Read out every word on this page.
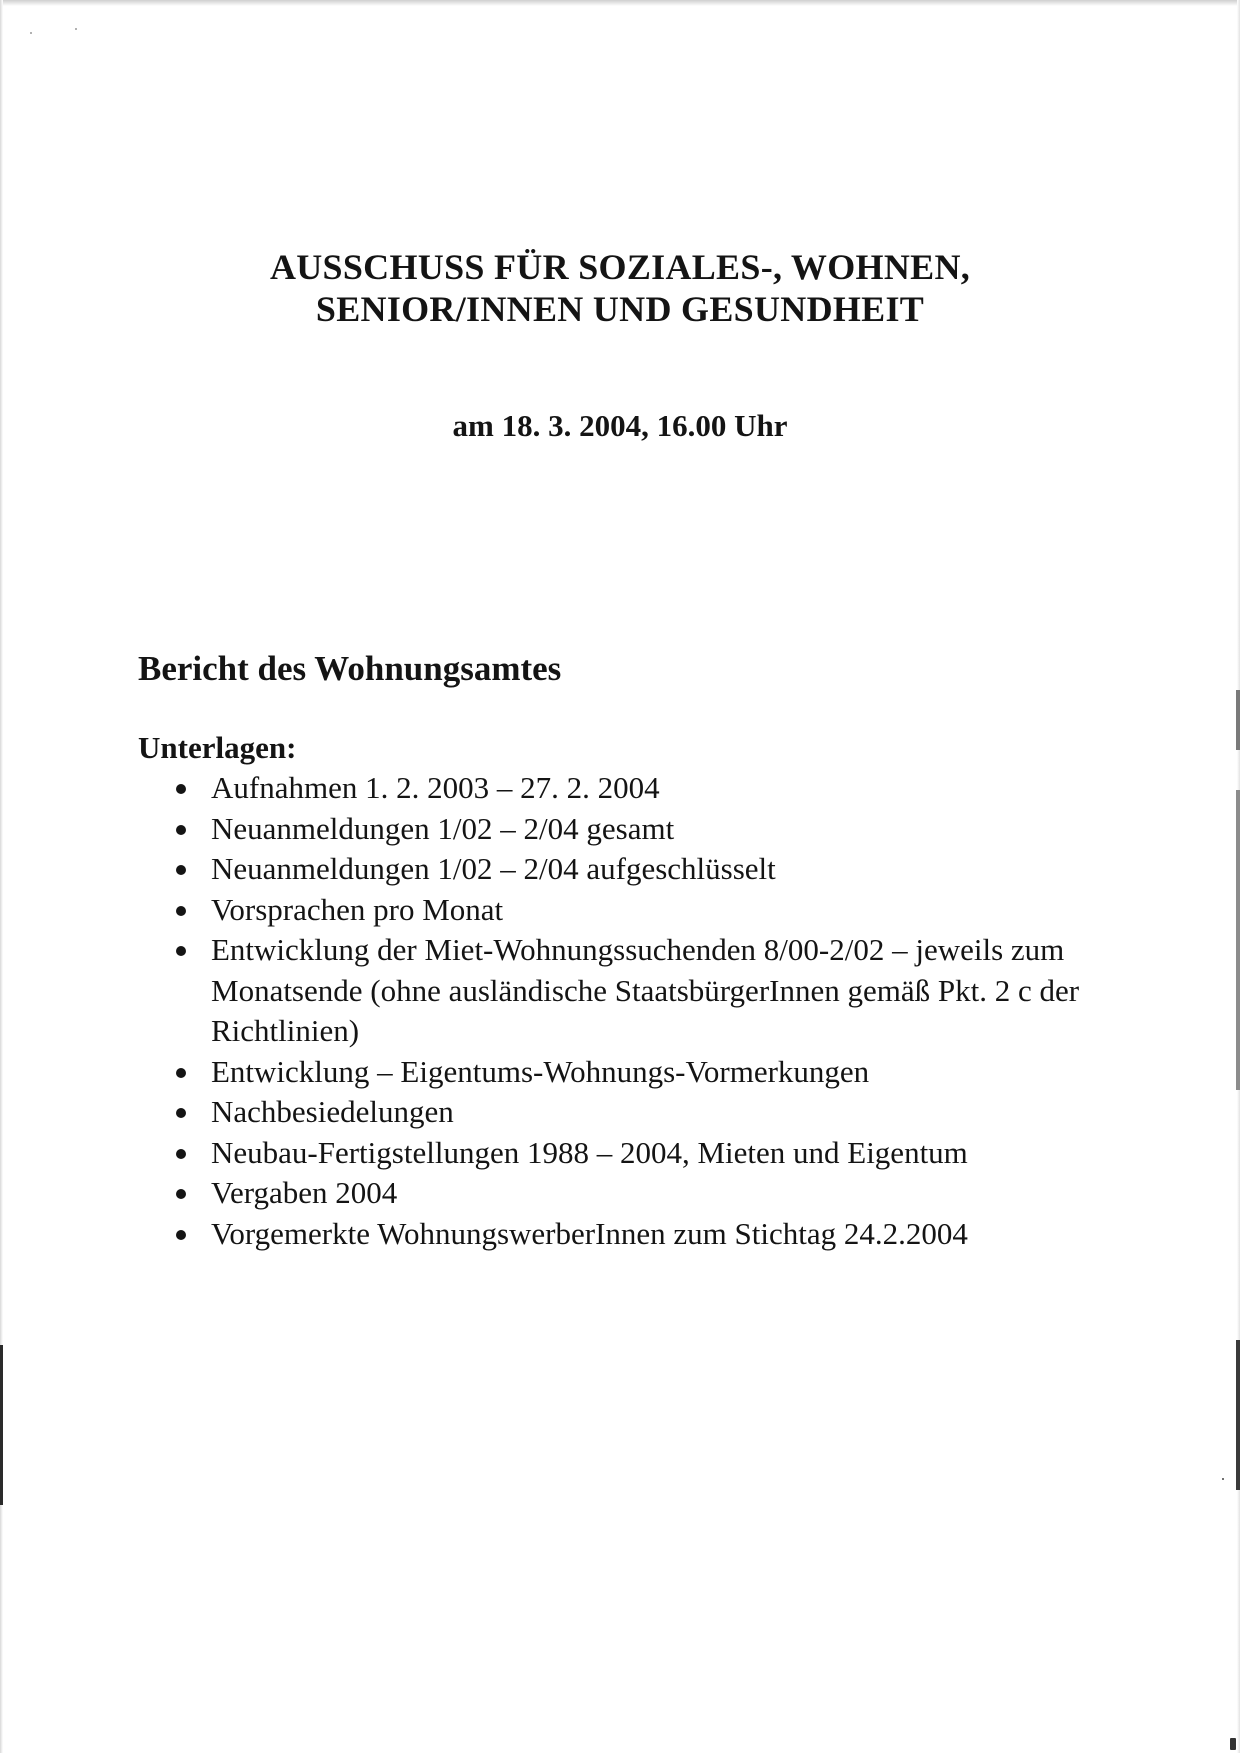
AUSSCHUSS FÜR SOZIALES-, WOHNEN,
SENIOR/INNEN UND GESUNDHEIT
am 18. 3. 2004, 16.00 Uhr
Bericht des Wohnungsamtes
Unterlagen:
Aufnahmen 1. 2. 2003 – 27. 2. 2004
Neuanmeldungen 1/02 – 2/04 gesamt
Neuanmeldungen 1/02 – 2/04 aufgeschlüsselt
Vorsprachen pro Monat
Entwicklung der Miet-Wohnungssuchenden 8/00-2/02 – jeweils zum Monatsende (ohne ausländische StaatsbürgerInnen gemäß Pkt. 2 c der Richtlinien)
Entwicklung – Eigentums-Wohnungs-Vormerkungen
Nachbesiedelungen
Neubau-Fertigstellungen 1988 – 2004, Mieten und Eigentum
Vergaben 2004
Vorgemerkte WohnungswerberInnen zum Stichtag 24.2.2004
